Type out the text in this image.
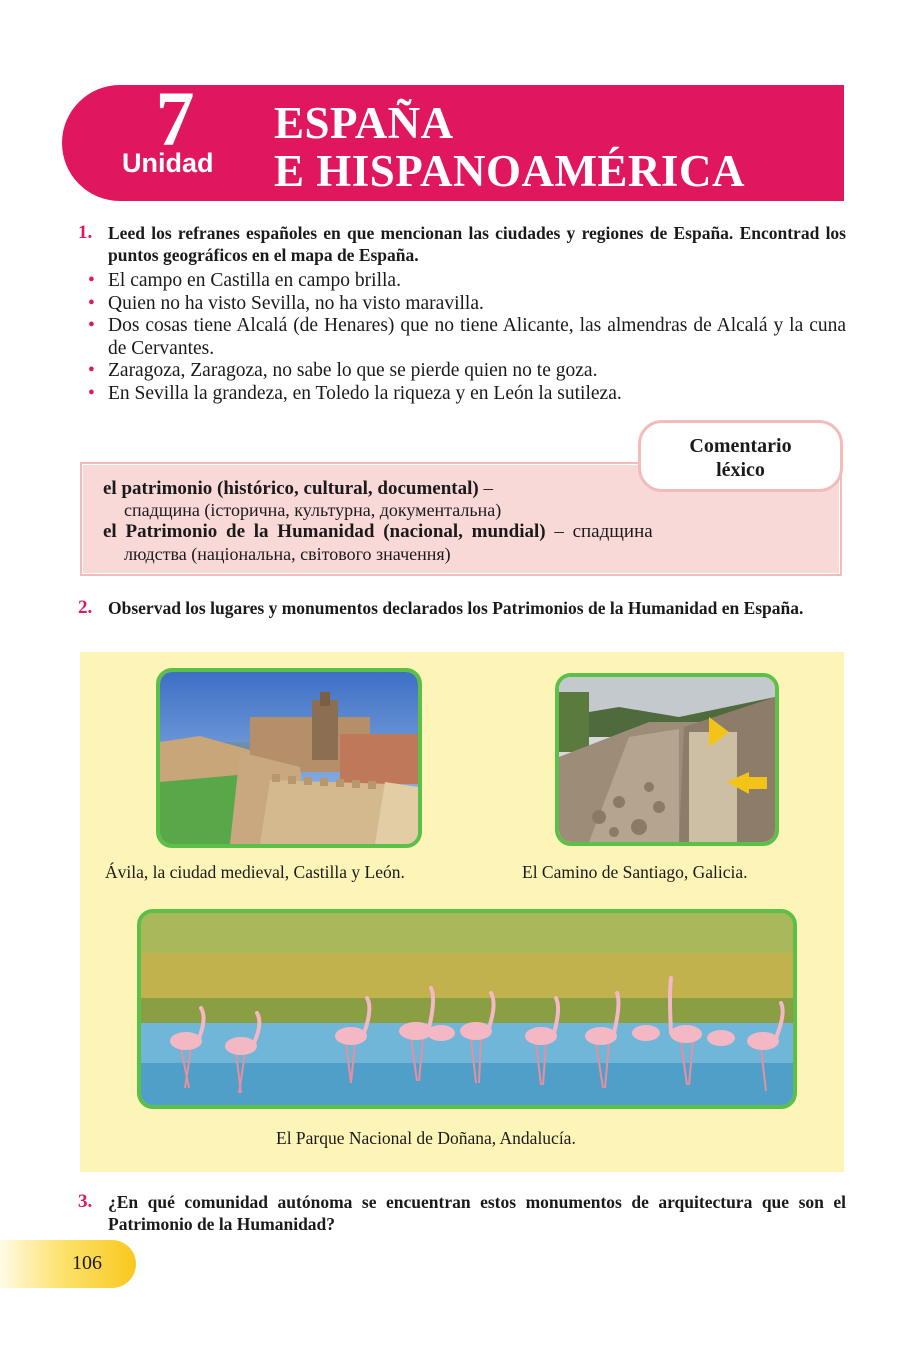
7
Unidad
ESPAÑA
E HISPANOAMÉRICA
1. Leed los refranes españoles en que mencionan las ciudades y regiones de España. Encontrad los puntos geográficos en el mapa de España.
• El campo en Castilla en campo brilla.
• Quien no ha visto Sevilla, no ha visto maravilla.
• Dos cosas tiene Alcalá (de Henares) que no tiene Alicante, las almendras de Alcalá y la cuna de Cervantes.
• Zaragoza, Zaragoza, no sabe lo que se pierde quien no te goza.
• En Sevilla la grandeza, en Toledo la riqueza y en León la sutileza.
Comentario
léxico
el patrimonio (histórico, cultural, documental) –
спадщина (історична, культурна, документальна)
el Patrimonio de la Humanidad (nacional, mundial) – спадщина
людства (національна, світового значення)
2. Observad los lugares y monumentos declarados los Patrimonios de la Humanidad en España.
Ávila, la ciudad medieval, Castilla y León.	El Camino de Santiago, Galicia.
El Parque Nacional de Doñana, Andalucía.
3. ¿En qué comunidad autónoma se encuentran estos monumentos de arquitectura que son el Patrimonio de la Humanidad?
106
